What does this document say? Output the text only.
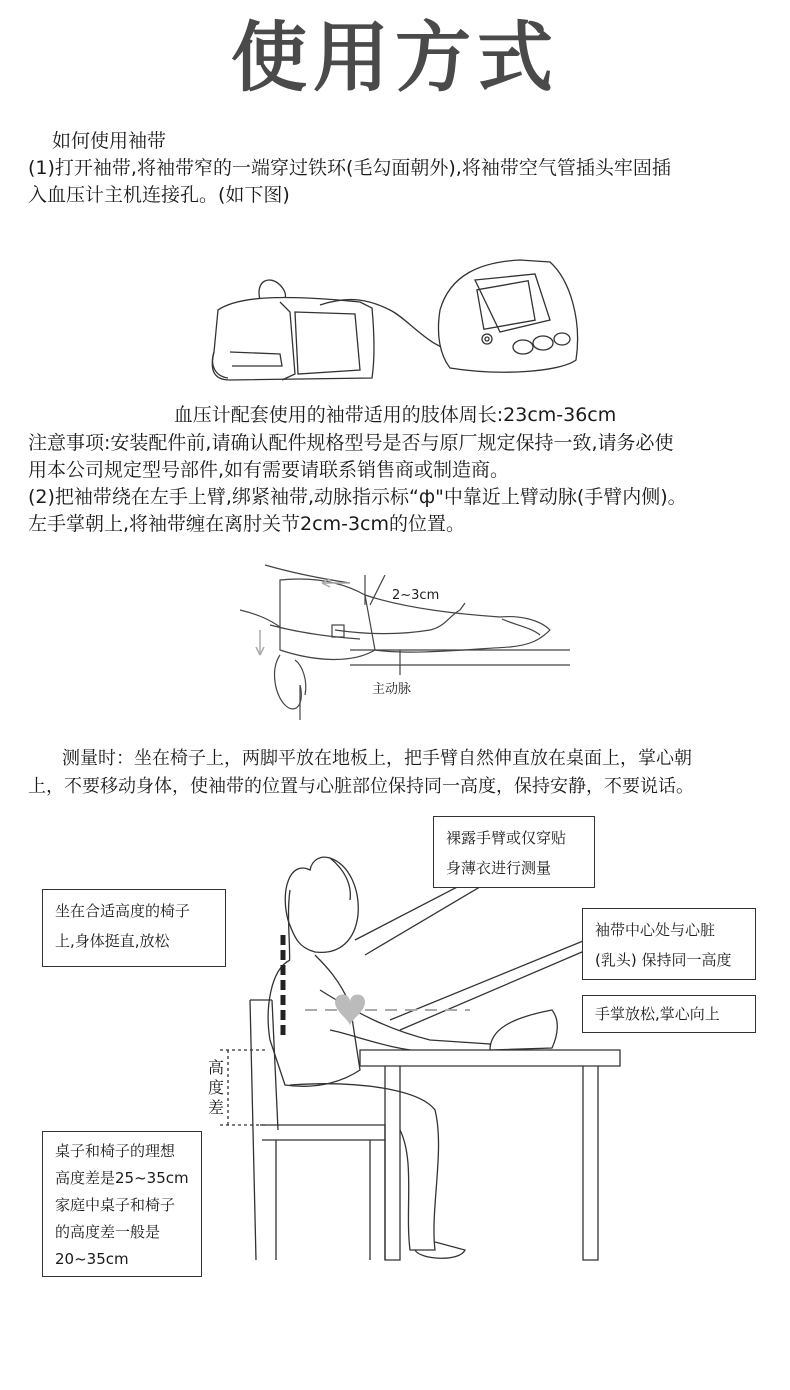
使用方式
如何使用袖带
(1)打开袖带,将袖带窄的一端穿过铁环(毛勾面朝外),将袖带空气管插头牢固插
入血压计主机连接孔。(如下图)
血压计配套使用的袖带适用的肢体周长:23cm-36cm
注意事项:安装配件前,请确认配件规格型号是否与原厂规定保持一致,请务必使
用本公司规定型号部件,如有需要请联系销售商或制造商。
(2)把袖带绕在左手上臂,绑紧袖带,动脉指示标“ф"中靠近上臂动脉(手臂内侧)。
左手掌朝上,将袖带缠在离肘关节2cm-3cm的位置。
2~3cm
主动脉
测量时：坐在椅子上，两脚平放在地板上，把手臂自然伸直放在桌面上，掌心朝
上，不要移动身体，使袖带的位置与心脏部位保持同一高度，保持安静，不要说话。
裸露手臂或仅穿贴
身薄衣进行测量
坐在合适高度的椅子
上,身体挺直,放松
袖带中心处与心脏
(乳头) 保持同一高度
手掌放松,掌心向上
高
度
差
桌子和椅子的理想
高度差是25~35cm
家庭中桌子和椅子
的高度差一般是
20~35cm
